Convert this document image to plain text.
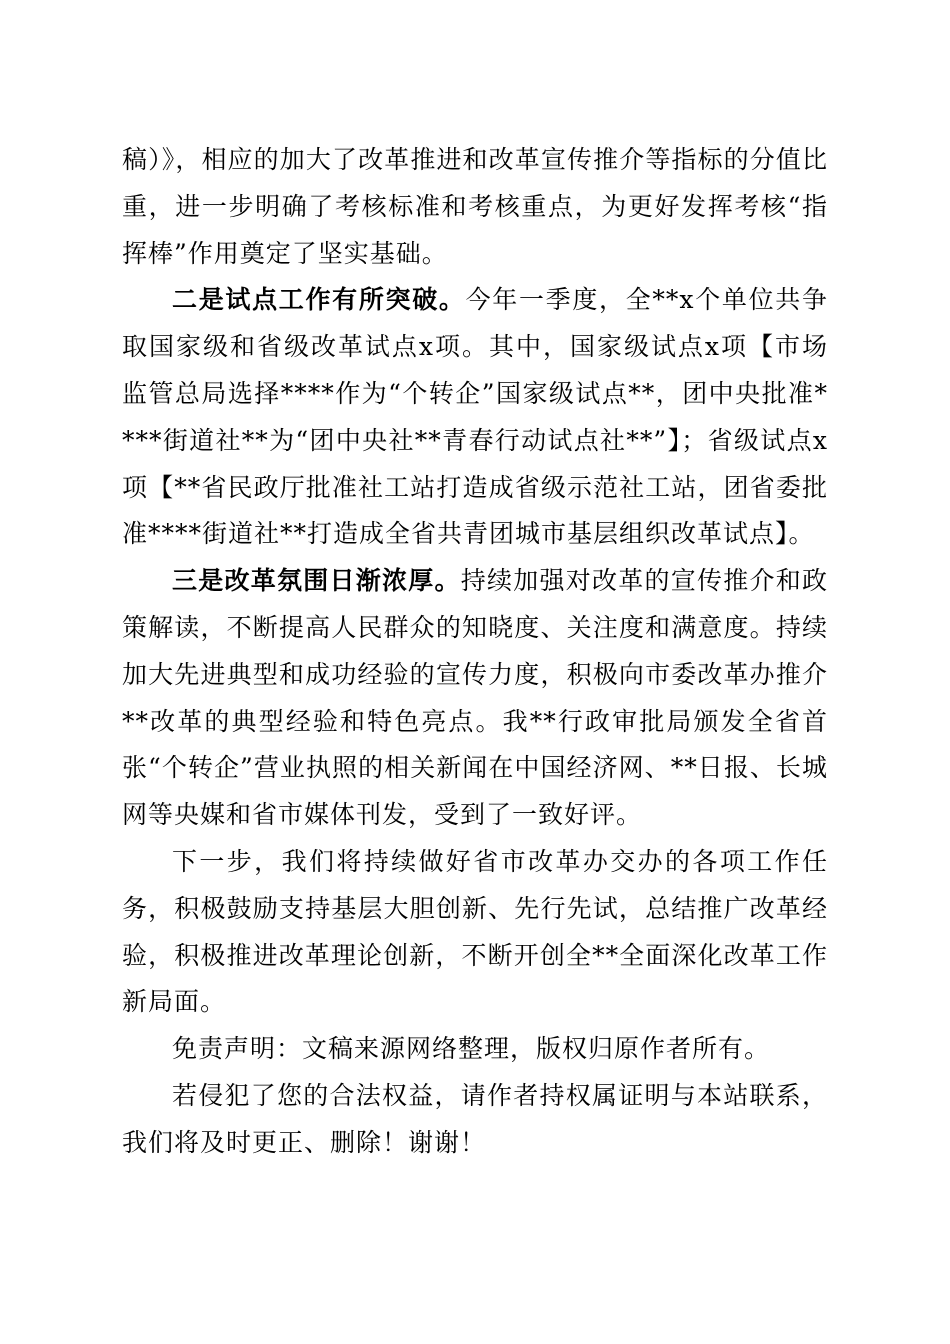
稿）》，相应的加大了改革推进和改革宣传推介等指标的分值比重，进一步明确了考核标准和考核重点，为更好发挥考核“指挥棒”作用奠定了坚实基础。

二是试点工作有所突破。今年一季度，全**x个单位共争取国家级和省级改革试点x项。其中，国家级试点x项【市场监管总局选择****作为“个转企”国家级试点**，团中央批准****街道社**为“团中央社**青春行动试点社**”】；省级试点x项【**省民政厅批准社工站打造成省级示范社工站，团省委批准****街道社**打造成全省共青团城市基层组织改革试点】。

三是改革氛围日渐浓厚。持续加强对改革的宣传推介和政策解读，不断提高人民群众的知晓度、关注度和满意度。持续加大先进典型和成功经验的宣传力度，积极向市委改革办推介**改革的典型经验和特色亮点。我**行政审批局颁发全省首张“个转企”营业执照的相关新闻在中国经济网、**日报、长城网等央媒和省市媒体刊发，受到了一致好评。

下一步，我们将持续做好省市改革办交办的各项工作任务，积极鼓励支持基层大胆创新、先行先试，总结推广改革经验，积极推进改革理论创新，不断开创全**全面深化改革工作新局面。

免责声明：文稿来源网络整理，版权归原作者所有。

若侵犯了您的合法权益，请作者持权属证明与本站联系，我们将及时更正、删除！谢谢！
